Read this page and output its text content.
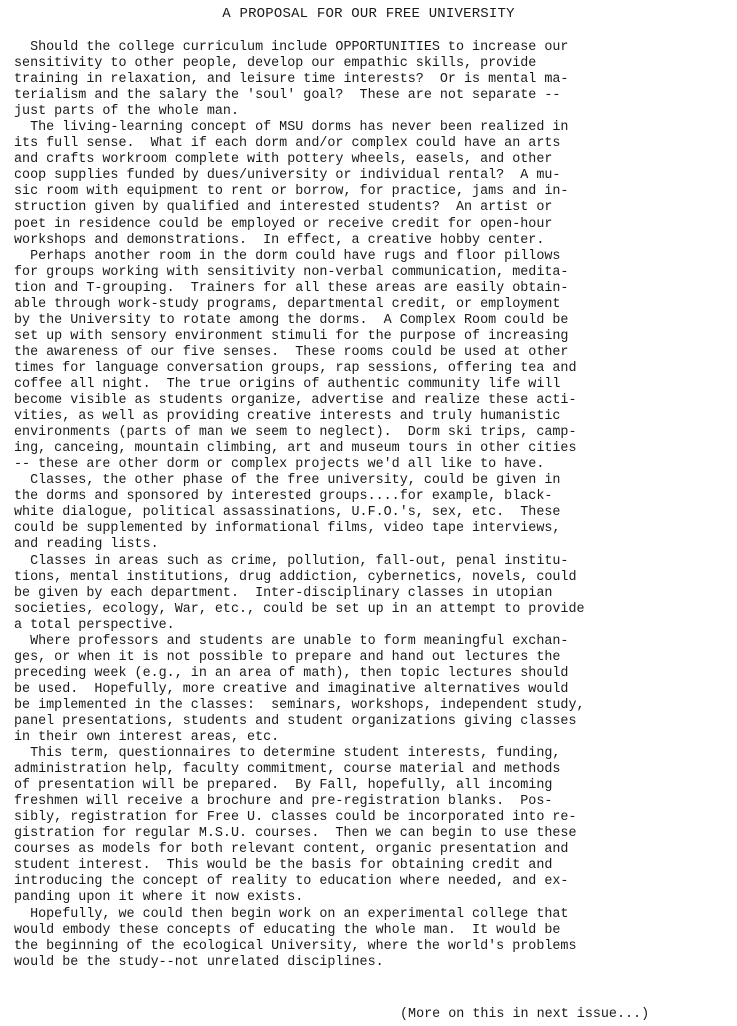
A PROPOSAL FOR OUR FREE UNIVERSITY
Should the college curriculum include OPPORTUNITIES to increase our
sensitivity to other people, develop our empathic skills, provide
training in relaxation, and leisure time interests?  Or is mental ma-
terialism and the salary the 'soul' goal?  These are not separate --
just parts of the whole man.
The living-learning concept of MSU dorms has never been realized in
its full sense.  What if each dorm and/or complex could have an arts
and crafts workroom complete with pottery wheels, easels, and other
coop supplies funded by dues/university or individual rental?  A mu-
sic room with equipment to rent or borrow, for practice, jams and in-
struction given by qualified and interested students?  An artist or
poet in residence could be employed or receive credit for open-hour
workshops and demonstrations.  In effect, a creative hobby center.
Perhaps another room in the dorm could have rugs and floor pillows
for groups working with sensitivity non-verbal communication, medita-
tion and T-grouping.  Trainers for all these areas are easily obtain-
able through work-study programs, departmental credit, or employment
by the University to rotate among the dorms.  A Complex Room could be
set up with sensory environment stimuli for the purpose of increasing
the awareness of our five senses.  These rooms could be used at other
times for language conversation groups, rap sessions, offering tea and
coffee all night.  The true origins of authentic community life will
become visible as students organize, advertise and realize these acti-
vities, as well as providing creative interests and truly humanistic
environments (parts of man we seem to neglect).  Dorm ski trips, camp-
ing, canceing, mountain climbing, art and museum tours in other cities
-- these are other dorm or complex projects we'd all like to have.
Classes, the other phase of the free university, could be given in
the dorms and sponsored by interested groups....for example, black-
white dialogue, political assassinations, U.F.O.'s, sex, etc.  These
could be supplemented by informational films, video tape interviews,
and reading lists.
Classes in areas such as crime, pollution, fall-out, penal institu-
tions, mental institutions, drug addiction, cybernetics, novels, could
be given by each department.  Inter-disciplinary classes in utopian
societies, ecology, War, etc., could be set up in an attempt to provide
a total perspective.
Where professors and students are unable to form meaningful exchan-
ges, or when it is not possible to prepare and hand out lectures the
preceding week (e.g., in an area of math), then topic lectures should
be used.  Hopefully, more creative and imaginative alternatives would
be implemented in the classes:  seminars, workshops, independent study,
panel presentations, students and student organizations giving classes
in their own interest areas, etc.
This term, questionnaires to determine student interests, funding,
administration help, faculty commitment, course material and methods
of presentation will be prepared.  By Fall, hopefully, all incoming
freshmen will receive a brochure and pre-registration blanks.  Pos-
sibly, registration for Free U. classes could be incorporated into re-
gistration for regular M.S.U. courses.  Then we can begin to use these
courses as models for both relevant content, organic presentation and
student interest.  This would be the basis for obtaining credit and
introducing the concept of reality to education where needed, and ex-
panding upon it where it now exists.
Hopefully, we could then begin work on an experimental college that
would embody these concepts of educating the whole man.  It would be
the beginning of the ecological University, where the world's problems
would be the study--not unrelated disciplines.
(More on this in next issue...)
